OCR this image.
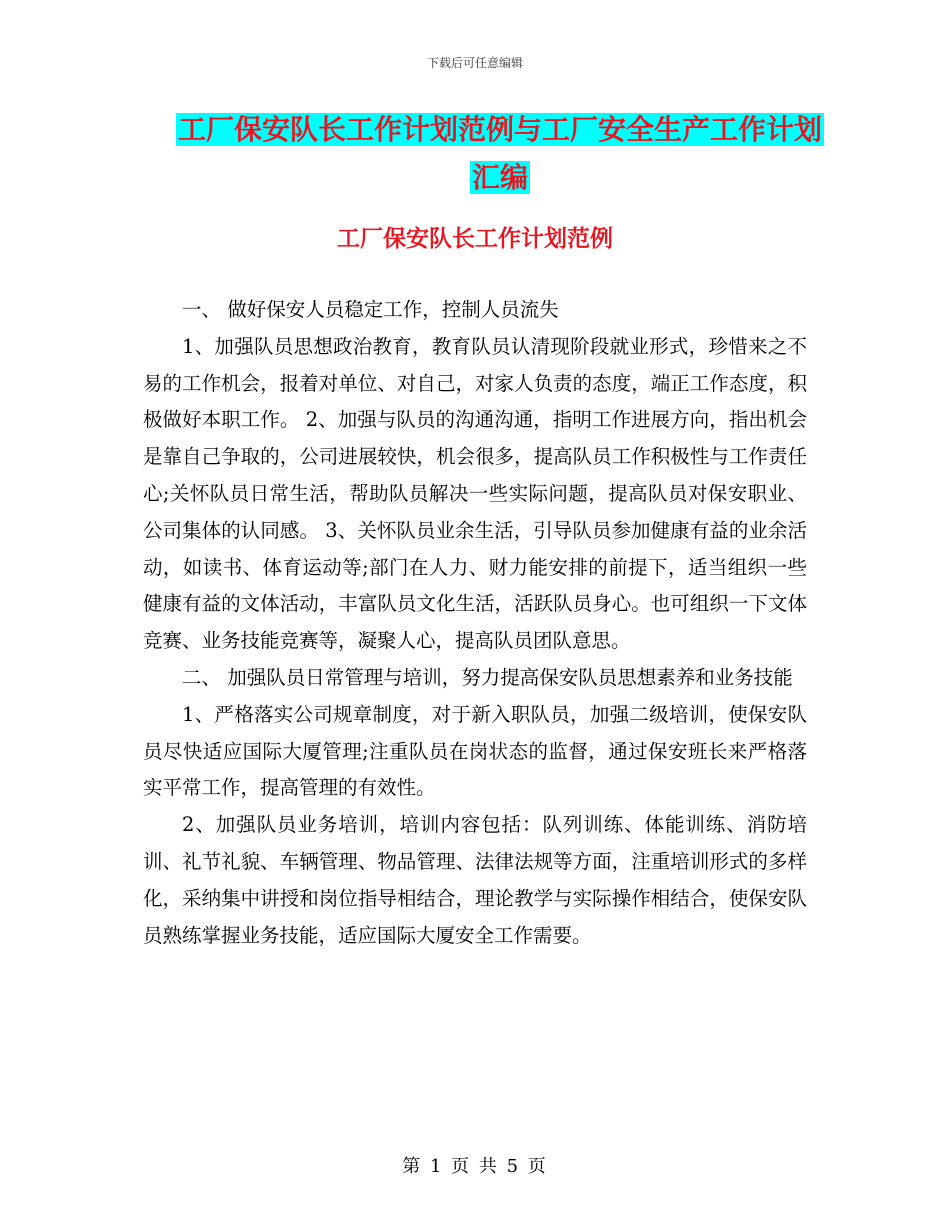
下载后可任意编辑
工厂保安队长工作计划范例与工厂安全生产工作计划
汇编
工厂保安队长工作计划范例

一、 做好保安人员稳定工作，控制人员流失

1、加强队员思想政治教育，教育队员认清现阶段就业形式，珍惜来之不易的工作机会，报着对单位、对自己，对家人负责的态度，端正工作态度，积极做好本职工作。 2、加强与队员的沟通沟通，指明工作进展方向，指出机会是靠自己争取的，公司进展较快，机会很多，提高队员工作积极性与工作责任心;关怀队员日常生活，帮助队员解决一些实际问题，提高队员对保安职业、公司集体的认同感。 3、关怀队员业余生活，引导队员参加健康有益的业余活动，如读书、体育运动等;部门在人力、财力能安排的前提下，适当组织一些健康有益的文体活动，丰富队员文化生活，活跃队员身心。也可组织一下文体竞赛、业务技能竞赛等，凝聚人心，提高队员团队意思。

二、 加强队员日常管理与培训，努力提高保安队员思想素养和业务技能

1、严格落实公司规章制度，对于新入职队员，加强二级培训，使保安队员尽快适应国际大厦管理;注重队员在岗状态的监督，通过保安班长来严格落实平常工作，提高管理的有效性。

2、加强队员业务培训，培训内容包括：队列训练、体能训练、消防培训、礼节礼貌、车辆管理、物品管理、法律法规等方面，注重培训形式的多样化，采纳集中讲授和岗位指导相结合，理论教学与实际操作相结合，使保安队员熟练掌握业务技能，适应国际大厦安全工作需要。

第 1 页 共 5 页
